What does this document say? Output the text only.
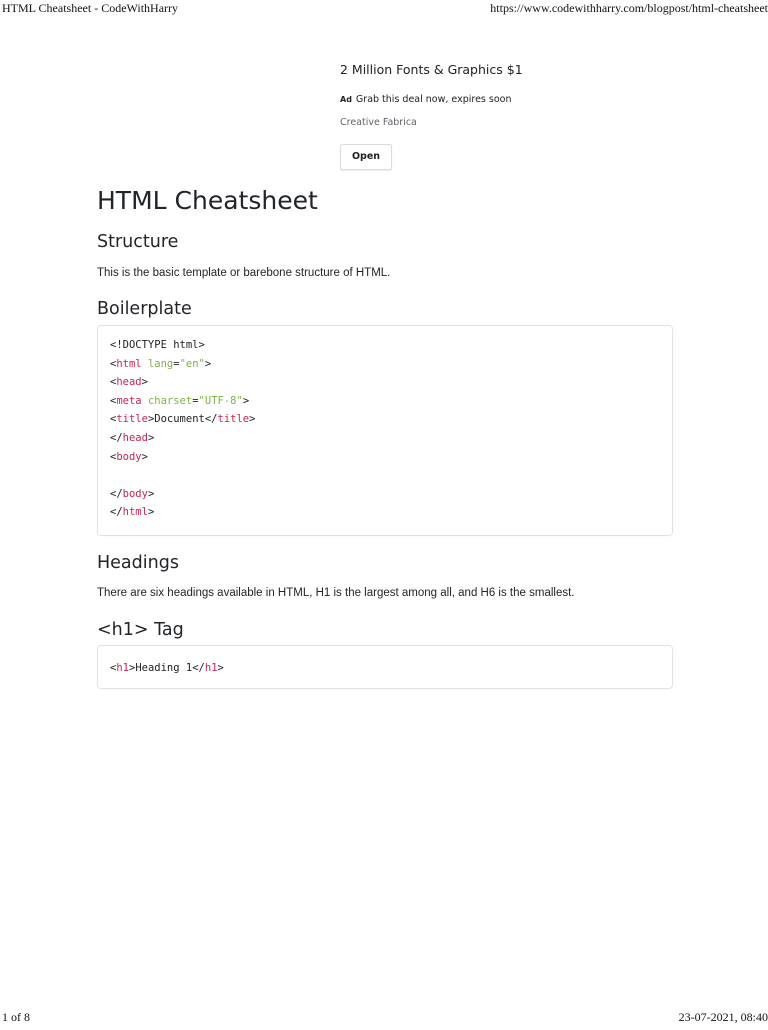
HTML Cheatsheet - CodeWithHarry	https://www.codewithharry.com/blogpost/html-cheatsheet
2 Million Fonts & Graphics $1
Ad Grab this deal now, expires soon
Creative Fabrica
Open
HTML Cheatsheet
Structure
This is the basic template or barebone structure of HTML.
Boilerplate
<!DOCTYPE html>
<html lang="en">
<head>
<meta charset="UTF-8">
<title>Document</title>
</head>
<body>

</body>
</html>
Headings
There are six headings available in HTML, H1 is the largest among all, and H6 is the smallest.
<h1> Tag
<h1>Heading 1</h1>
1 of 8	23-07-2021, 08:40
